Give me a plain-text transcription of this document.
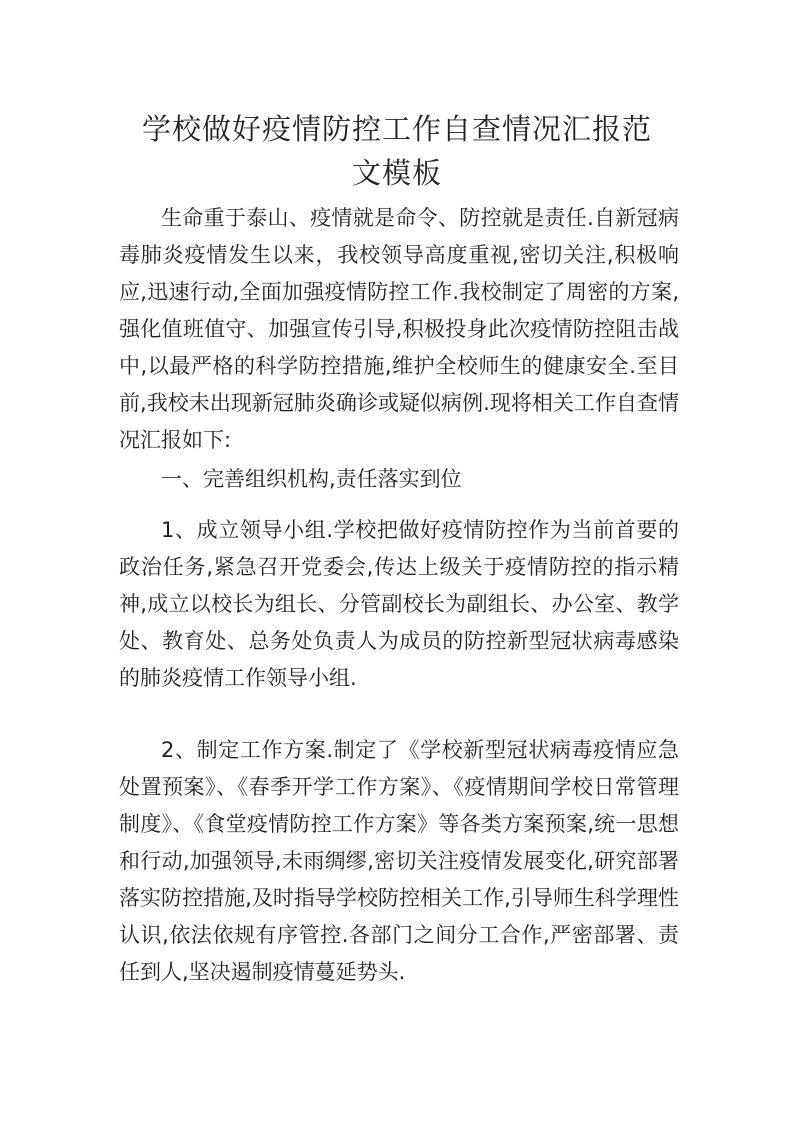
学校做好疫情防控工作自查情况汇报范
文模板

生命重于泰山、疫情就是命令、防控就是责任.自新冠病毒肺炎疫情发生以来，我校领导高度重视,密切关注,积极响应,迅速行动,全面加强疫情防控工作.我校制定了周密的方案,强化值班值守、加强宣传引导,积极投身此次疫情防控阻击战中,以最严格的科学防控措施,维护全校师生的健康安全.至目前,我校未出现新冠肺炎确诊或疑似病例.现将相关工作自查情况汇报如下:

一、完善组织机构,责任落实到位

1、成立领导小组.学校把做好疫情防控作为当前首要的政治任务,紧急召开党委会,传达上级关于疫情防控的指示精神,成立以校长为组长、分管副校长为副组长、办公室、教学处、教育处、总务处负责人为成员的防控新型冠状病毒感染的肺炎疫情工作领导小组.

2、制定工作方案.制定了《学校新型冠状病毒疫情应急处置预案》、《春季开学工作方案》、《疫情期间学校日常管理制度》、《食堂疫情防控工作方案》等各类方案预案,统一思想和行动,加强领导,未雨绸缪,密切关注疫情发展变化,研究部署落实防控措施,及时指导学校防控相关工作,引导师生科学理性认识,依法依规有序管控.各部门之间分工合作,严密部署、责任到人,坚决遏制疫情蔓延势头.
